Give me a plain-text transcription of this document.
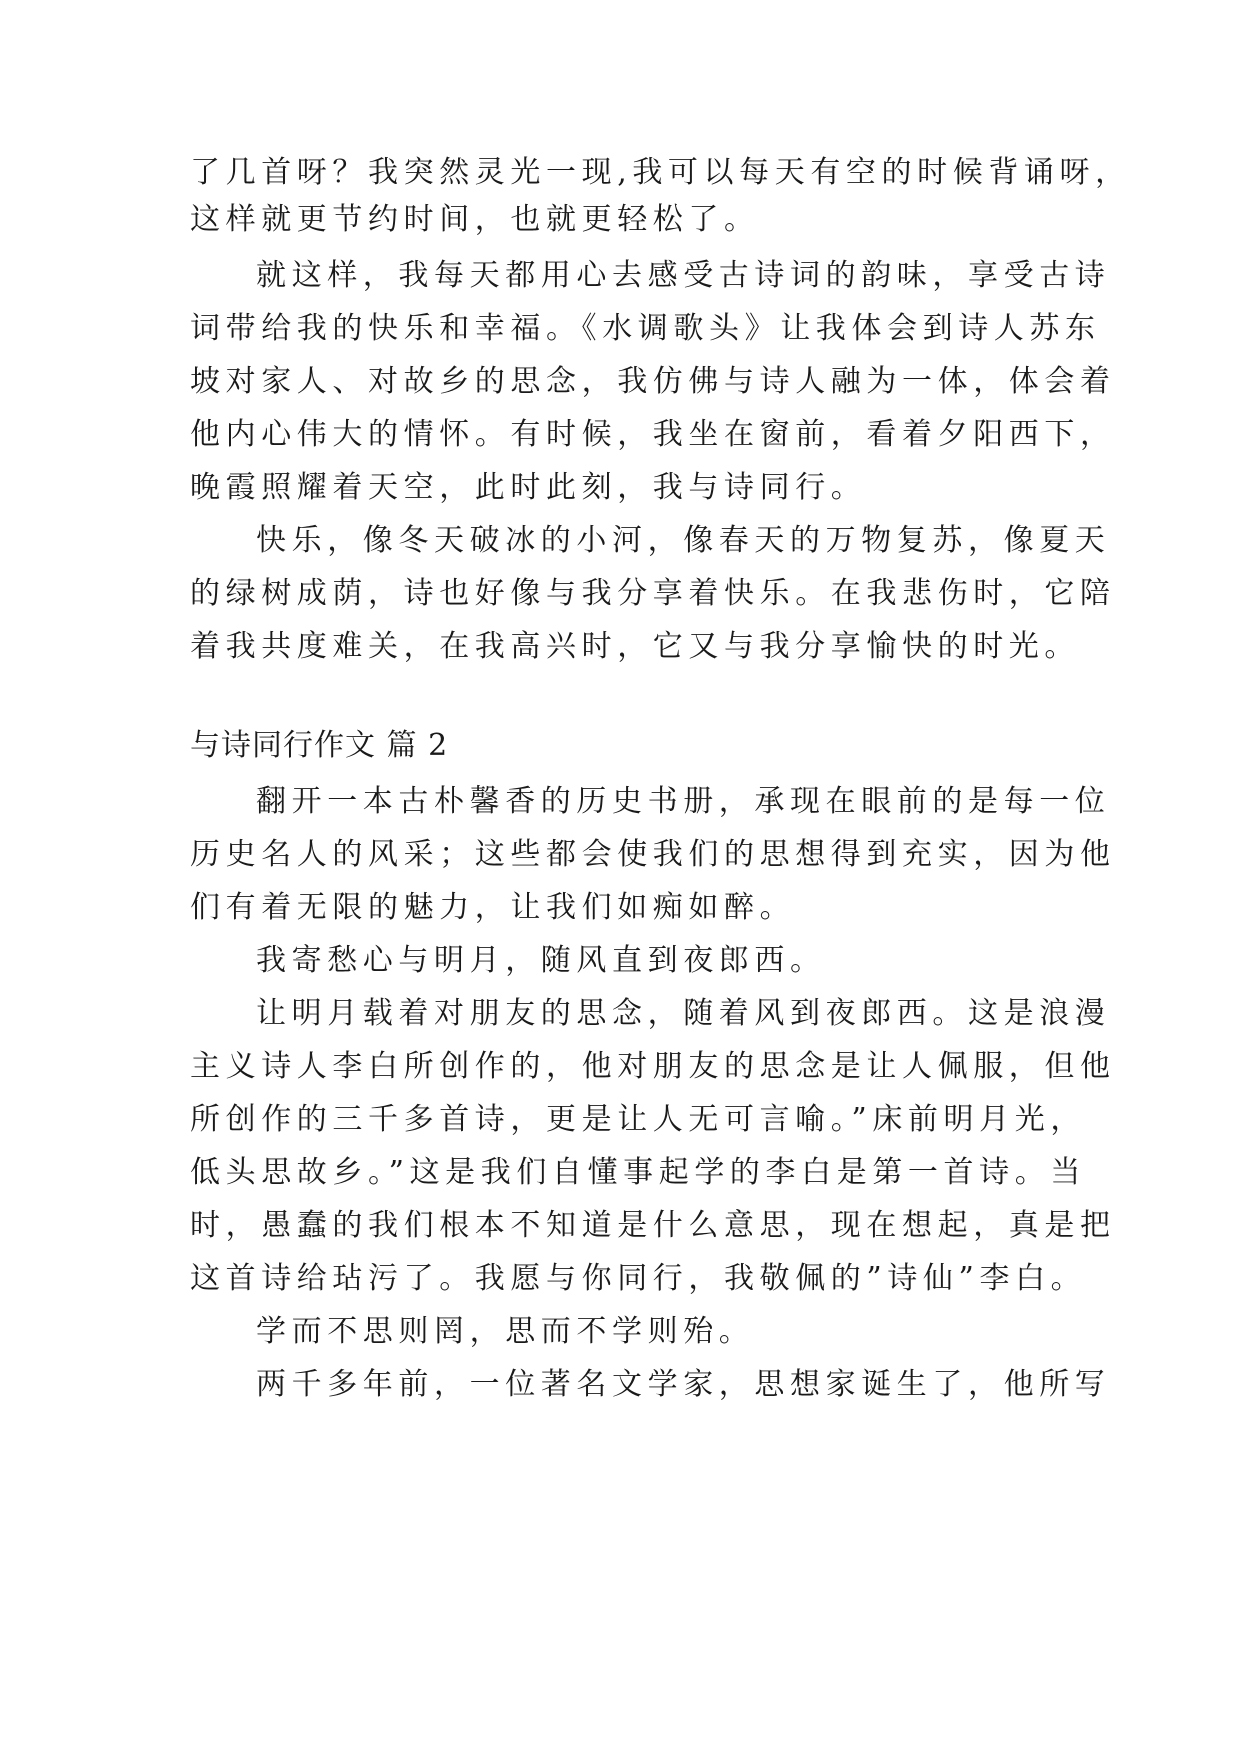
了几首呀？我突然灵光一现,我可以每天有空的时候背诵呀，
这样就更节约时间，也就更轻松了。
就这样，我每天都用心去感受古诗词的韵味，享受古诗
词带给我的快乐和幸福。《水调歌头》让我体会到诗人苏东
坡对家人、对故乡的思念，我仿佛与诗人融为一体，体会着
他内心伟大的情怀。有时候，我坐在窗前，看着夕阳西下，
晚霞照耀着天空，此时此刻，我与诗同行。
快乐，像冬天破冰的小河，像春天的万物复苏，像夏天
的绿树成荫，诗也好像与我分享着快乐。在我悲伤时，它陪
着我共度难关，在我高兴时，它又与我分享愉快的时光。
与诗同行作文 篇 2
翻开一本古朴馨香的历史书册，承现在眼前的是每一位
历史名人的风采；这些都会使我们的思想得到充实，因为他
们有着无限的魅力，让我们如痴如醉。
我寄愁心与明月，随风直到夜郎西。
让明月载着对朋友的思念，随着风到夜郎西。这是浪漫
主义诗人李白所创作的，他对朋友的思念是让人佩服，但他
所创作的三千多首诗，更是让人无可言喻。”床前明月光，
低头思故乡。”这是我们自懂事起学的李白是第一首诗。当
时，愚蠢的我们根本不知道是什么意思，现在想起，真是把
这首诗给玷污了。我愿与你同行，我敬佩的”诗仙”李白。
学而不思则罔，思而不学则殆。
两千多年前，一位著名文学家，思想家诞生了，他所写
